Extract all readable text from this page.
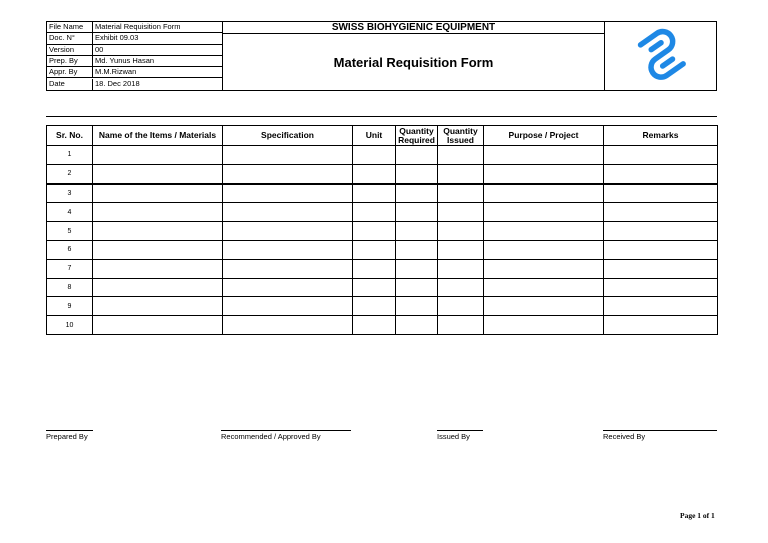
File Name	Material Requisition Form
Doc. N°	Exhibit 09.03
Version	00
Prep. By	Md. Yunus Hasan
Appr. By	M.M.Rizwan
Date	18. Dec 2018
SWISS BIOHYGIENIC EQUIPMENT
Material Requisition Form
Sr. No.	Name of the Items / Materials	Specification	Unit	Quantity Required	Quantity Issued	Purpose / Project	Remarks
1							
2							
3							
4							
5							
6							
7							
8							
9							
10							
Prepared By	Recommended / Approved By	Issued By	Received By
Page 1 of 1
